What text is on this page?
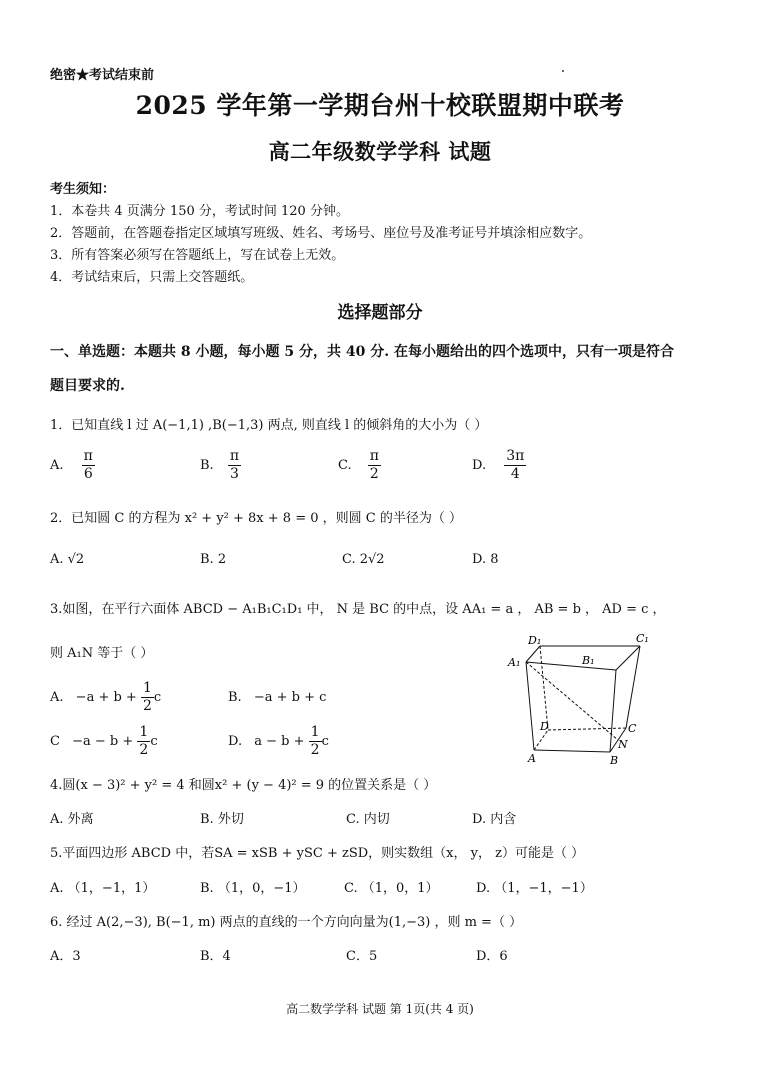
绝密★考试结束前
2025 学年第一学期台州十校联盟期中联考
高二年级数学学科 试题
考生须知：
1．本卷共 4 页满分 150 分，考试时间 120 分钟。
2．答题前，在答题卷指定区域填写班级、姓名、考场号、座位号及准考证号并填涂相应数字。
3．所有答案必须写在答题纸上，写在试卷上无效。
4．考试结束后，只需上交答题纸。
选择题部分
一、单选题：本题共 8 小题，每小题 5 分，共 40 分. 在每小题给出的四个选项中，只有一项是符合
题目要求的.
1．已知直线 l 过 A(−1,1) ,B(−1,3) 两点, 则直线 l 的倾斜角的大小为（ ）
A. $\frac{\pi}{6}$	B. $\frac{\pi}{3}$	C. $\frac{\pi}{2}$	D. $\frac{3\pi}{4}$
2．已知圆 C 的方程为 x² + y² + 8x + 8 = 0 ，则圆 C 的半径为（ ）
A. √2	B. 2	C. 2√2	D. 8
3.如图，在平行六面体 ABCD − A₁B₁C₁D₁ 中， N 是 BC 的中点，设 AA₁ = a ， AB = b ， AD = c ，
则 A₁N 等于（ ）
A. $-a + b + \frac{1}{2}$ c	B. −a + b + c
$C -a - b + \frac{1}{2}$ c	D. $a - b + \frac{1}{2}$ c
D₁	C₁
A₁	B₁
D	C
N
A	B
4.圆(x − 3)² + y² = 4 和圆x² + (y − 4)² = 9 的位置关系是（ ）
A. 外离	B. 外切	C. 内切	D. 内含
5.平面四边形 ABCD 中，若SA = xSB + ySC + zSD，则实数组（x， y， z）可能是（ ）
A. （1，−1，1）	B. （1，0，−1）	C. （1，0，1）	D. （1，−1，−1）
6. 经过 A(2,−3), B(−1, m) 两点的直线的一个方向向量为(1,−3) ，则 m =（ ）
A．3	B．4	C．5	D．6
高二数学学科 试题 第 1页(共 4 页)
